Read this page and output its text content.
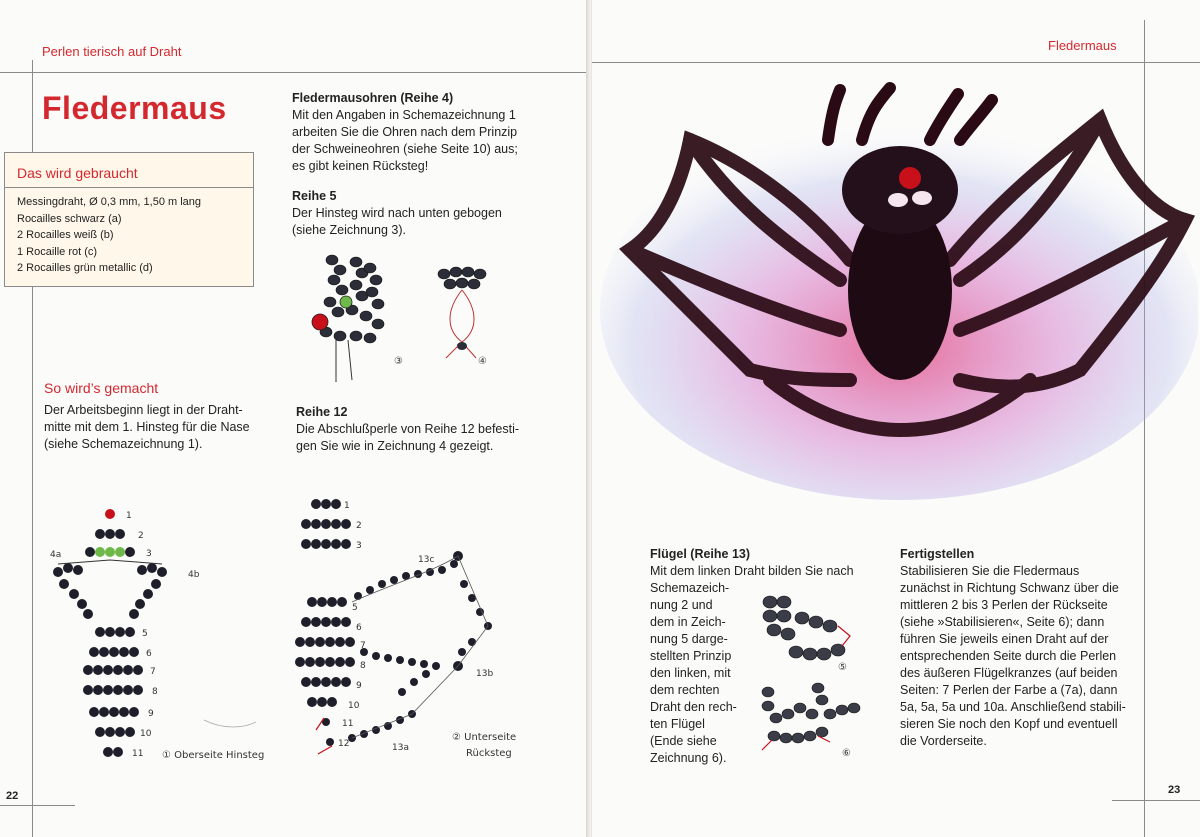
Perlen tierisch auf Draht
Fledermaus
Das wird gebraucht
Messingdraht, Ø 0,3 mm, 1,50 m lang
Rocailles schwarz (a)
2 Rocailles weiß (b)
1 Rocaille rot (c)
2 Rocailles grün metallic (d)
So wird’s gemacht
Der Arbeitsbeginn liegt in der Draht-
mitte mit dem 1. Hinsteg für die Nase
(siehe Schemazeichnung 1).
Fledermausohren (Reihe 4)
Mit den Angaben in Schemazeichnung 1
arbeiten Sie die Ohren nach dem Prinzip
der Schweineohren (siehe Seite 10) aus;
es gibt keinen Rücksteg!
Reihe 5
Der Hinsteg wird nach unten gebogen
(siehe Zeichnung 3).
③	④
Reihe 12
Die Abschlußperle von Reihe 12 befesti-
gen Sie wie in Zeichnung 4 gezeigt.
1
2
3
4a
4b
5
6
7
8
9
10
11 ① Oberseite Hinsteg
1
2
3
5
6
7
8
9
10
11
12	13a
13b
13c
② Unterseite
Rücksteg
22
Fledermaus
Flügel (Reihe 13)
Mit dem linken Draht bilden Sie nach
Schemazeich-
nung 2 und
dem in Zeich-
nung 5 darge-
stellten Prinzip
den linken, mit
dem rechten
Draht den rech-
ten Flügel
(Ende siehe
Zeichnung 6).
⑤
⑥
Fertigstellen
Stabilisieren Sie die Fledermaus
zunächst in Richtung Schwanz über die
mittleren 2 bis 3 Perlen der Rückseite
(siehe »Stabilisieren«, Seite 6); dann
führen Sie jeweils einen Draht auf der
entsprechenden Seite durch die Perlen
des äußeren Flügelkranzes (auf beiden
Seiten: 7 Perlen der Farbe a (7a), dann
5a, 5a, 5a und 10a. Anschließend stabili-
sieren Sie noch den Kopf und eventuell
die Vorderseite.
23
